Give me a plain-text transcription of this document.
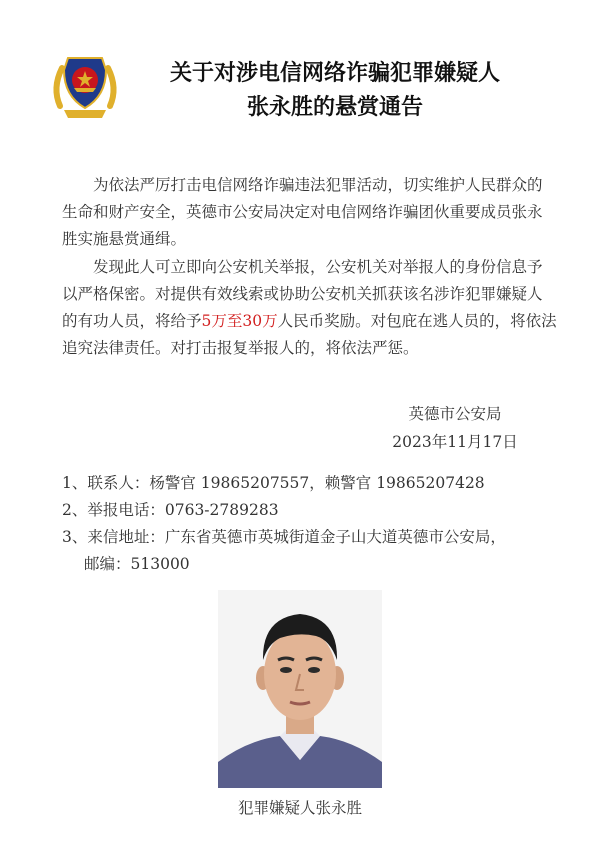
关于对涉电信网络诈骗犯罪嫌疑人
张永胜的悬赏通告

为依法严厉打击电信网络诈骗违法犯罪活动，切实维护人民群众的生命和财产安全，英德市公安局决定对电信网络诈骗团伙重要成员张永胜实施悬赏通缉。

发现此人可立即向公安机关举报，公安机关对举报人的身份信息予以严格保密。对提供有效线索或协助公安机关抓获该名涉诈犯罪嫌疑人的有功人员，将给予5万至30万人民币奖励。对包庇在逃人员的，将依法追究法律责任。对打击报复举报人的，将依法严惩。

英德市公安局
2023年11月17日
1、联系人：杨警官 19865207557，赖警官 19865207428
2、举报电话：0763-2789283
3、来信地址：广东省英德市英城街道金子山大道英德市公安局，
邮编：513000
犯罪嫌疑人张永胜
